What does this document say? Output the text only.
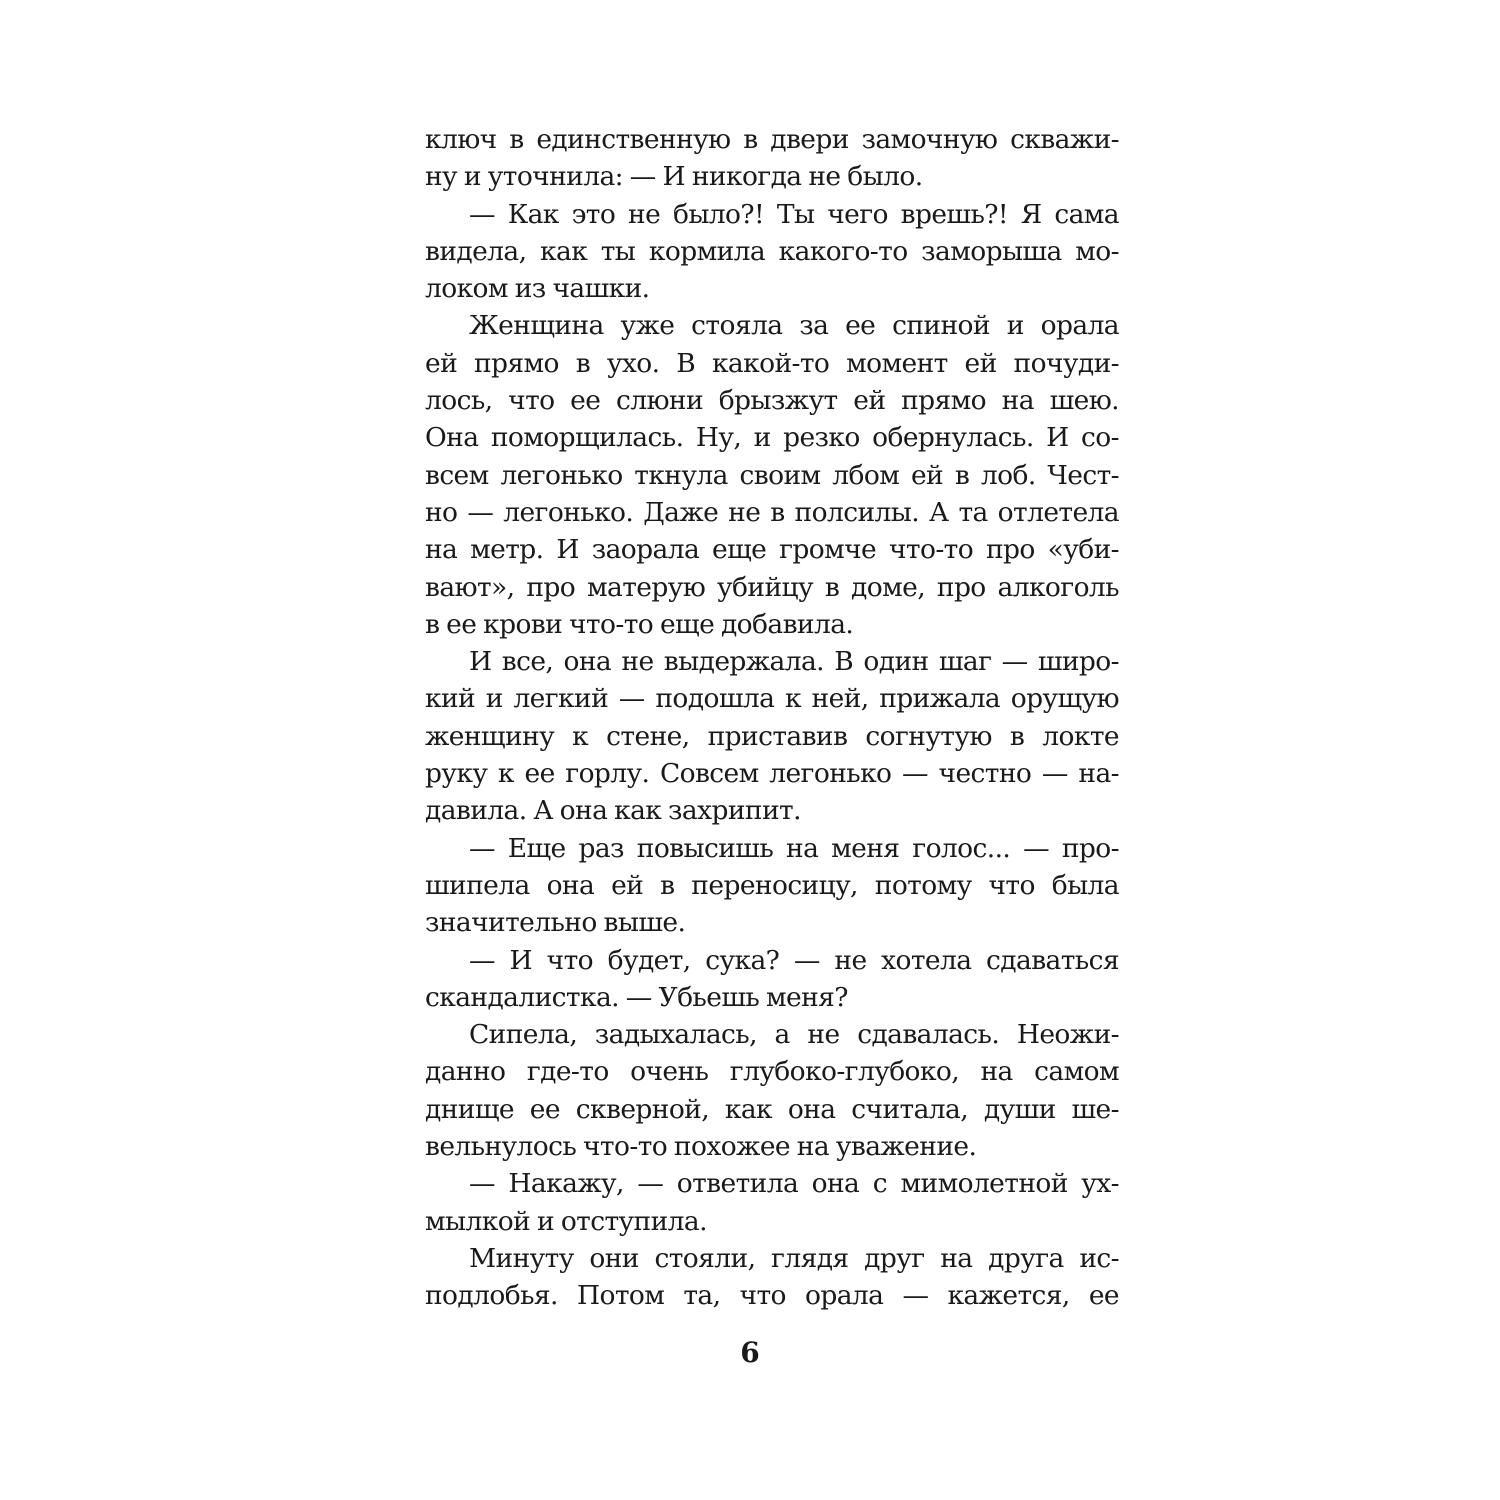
ключ в единственную в двери замочную скважи-
ну и уточнила: — И никогда не было.
— Как это не было?! Ты чего врешь?! Я сама
видела, как ты кормила какого-то заморыша мо-
локом из чашки.
Женщина уже стояла за ее спиной и орала
ей прямо в ухо. В какой-то момент ей почуди-
лось, что ее слюни брызжут ей прямо на шею.
Она поморщилась. Ну, и резко обернулась. И со-
всем легонько ткнула своим лбом ей в лоб. Чест-
но — легонько. Даже не в полсилы. А та отлетела
на метр. И заорала еще громче что-то про «уби-
вают», про матерую убийцу в доме, про алкоголь
в ее крови что-то еще добавила.
И все, она не выдержала. В один шаг — широ-
кий и легкий — подошла к ней, прижала орущую
женщину к стене, приставив согнутую в локте
руку к ее горлу. Совсем легонько — честно — на-
давила. А она как захрипит.
— Еще раз повысишь на меня голос... — про-
шипела она ей в переносицу, потому что была
значительно выше.
— И что будет, сука? — не хотела сдаваться
скандалистка. — Убьешь меня?
Сипела, задыхалась, а не сдавалась. Неожи-
данно где-то очень глубоко-глубоко, на самом
днище ее скверной, как она считала, души ше-
вельнулось что-то похожее на уважение.
— Накажу, — ответила она с мимолетной ух-
мылкой и отступила.
Минуту они стояли, глядя друг на друга ис-
подлобья. Потом та, что орала — кажется, ее
6
